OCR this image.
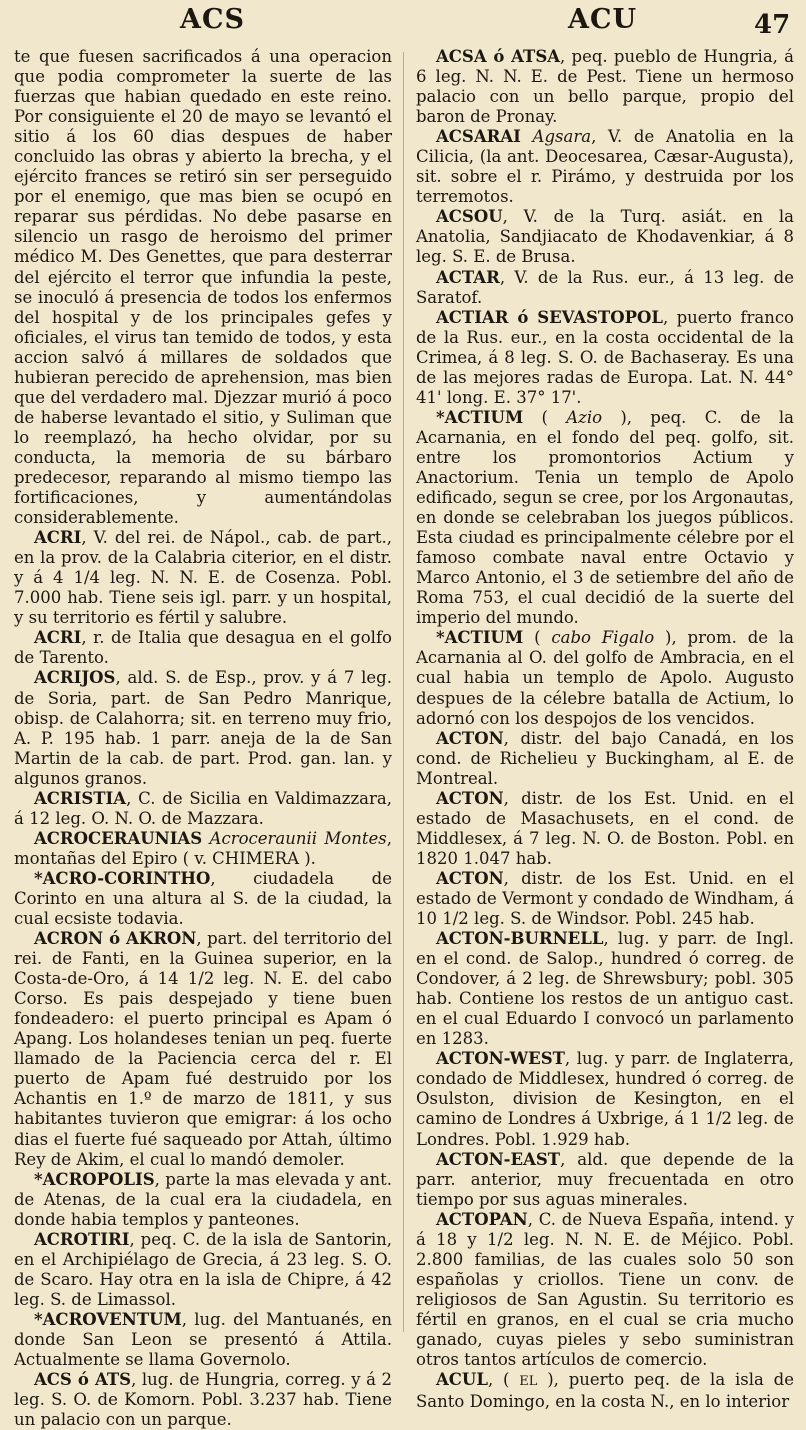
ACS	ACU	47

te que fuesen sacrificados á una operacion que podia comprometer la suerte de las fuerzas que habian quedado en este reino. Por consiguiente el 20 de mayo se levantó el sitio á los 60 dias despues de haber concluido las obras y abierto la brecha, y el ejército frances se retiró sin ser perseguido por el enemigo, que mas bien se ocupó en reparar sus pérdidas. No debe pasarse en silencio un rasgo de heroismo del primer médico M. Des Genettes, que para desterrar del ejército el terror que infundia la peste, se inoculó á presencia de todos los enfermos del hospital y de los principales gefes y oficiales, el virus tan temido de todos, y esta accion salvó á millares de soldados que hubieran perecido de aprehension, mas bien que del verdadero mal. Djezzar murió á poco de haberse levantado el sitio, y Suliman que lo reemplazó, ha hecho olvidar, por su conducta, la memoria de su bárbaro predecesor, reparando al mismo tiempo las fortificaciones, y aumentándolas considerablemente.

ACRI, V. del rei. de Nápol., cab. de part., en la prov. de la Calabria citerior, en el distr. y á 4 1/4 leg. N. N. E. de Cosenza. Pobl. 7.000 hab. Tiene seis igl. parr. y un hospital, y su territorio es fértil y salubre.

ACRI, r. de Italia que desagua en el golfo de Tarento.

ACRIJOS, ald. S. de Esp., prov. y á 7 leg. de Soria, part. de San Pedro Manrique, obisp. de Calahorra; sit. en terreno muy frio, A. P. 195 hab. 1 parr. aneja de la de San Martin de la cab. de part. Prod. gan. lan. y algunos granos.

ACRISTIA, C. de Sicilia en Valdimazzara, á 12 leg. O. N. O. de Mazzara.

ACROCERAUNIAS Acroceraunii Montes, montañas del Epiro ( v. CHIMERA ).

*ACRO-CORINTHO, ciudadela de Corinto en una altura al S. de la ciudad, la cual ecsiste todavia.

ACRON ó AKRON, part. del territorio del rei. de Fanti, en la Guinea superior, en la Costa-de-Oro, á 14 1/2 leg. N. E. del cabo Corso. Es pais despejado y tiene buen fondeadero: el puerto principal es Apam ó Apang. Los holandeses tenian un peq. fuerte llamado de la Paciencia cerca del r. El puerto de Apam fué destruido por los Achantis en 1.º de marzo de 1811, y sus habitantes tuvieron que emigrar: á los ocho dias el fuerte fué saqueado por Attah, último Rey de Akim, el cual lo mandó demoler.

*ACROPOLIS, parte la mas elevada y ant. de Atenas, de la cual era la ciudadela, en donde habia templos y panteones.

ACROTIRI, peq. C. de la isla de Santorin, en el Archipiélago de Grecia, á 23 leg. S. O. de Scaro. Hay otra en la isla de Chipre, á 42 leg. S. de Limassol.

*ACROVENTUM, lug. del Mantuanés, en donde San Leon se presentó á Attila. Actualmente se llama Governolo.

ACS ó ATS, lug. de Hungria, correg. y á 2 leg. S. O. de Komorn. Pobl. 3.237 hab. Tiene un palacio con un parque.

ACSA ó ATSA, peq. pueblo de Hungria, á 6 leg. N. N. E. de Pest. Tiene un hermoso palacio con un bello parque, propio del baron de Pronay.

ACSARAI Agsara, V. de Anatolia en la Cilicia, (la ant. Deocesarea, Cæsar-Augusta), sit. sobre el r. Pirámo, y destruida por los terremotos.

ACSOU, V. de la Turq. asiát. en la Anatolia, Sandjiacato de Khodavenkiar, á 8 leg. S. E. de Brusa.

ACTAR, V. de la Rus. eur., á 13 leg. de Saratof.

ACTIAR ó SEVASTOPOL, puerto franco de la Rus. eur., en la costa occidental de la Crimea, á 8 leg. S. O. de Bachaseray. Es una de las mejores radas de Europa. Lat. N. 44° 41' long. E. 37° 17'.

*ACTIUM ( Azio ), peq. C. de la Acarnania, en el fondo del peq. golfo, sit. entre los promontorios Actium y Anactorium. Tenia un templo de Apolo edificado, segun se cree, por los Argonautas, en donde se celebraban los juegos públicos. Esta ciudad es principalmente célebre por el famoso combate naval entre Octavio y Marco Antonio, el 3 de setiembre del año de Roma 753, el cual decidió de la suerte del imperio del mundo.

*ACTIUM ( cabo Figalo ), prom. de la Acarnania al O. del golfo de Ambracia, en el cual habia un templo de Apolo. Augusto despues de la célebre batalla de Actium, lo adornó con los despojos de los vencidos.

ACTON, distr. del bajo Canadá, en los cond. de Richelieu y Buckingham, al E. de Montreal.

ACTON, distr. de los Est. Unid. en el estado de Masachusets, en el cond. de Middlesex, á 7 leg. N. O. de Boston. Pobl. en 1820 1.047 hab.

ACTON, distr. de los Est. Unid. en el estado de Vermont y condado de Windham, á 10 1/2 leg. S. de Windsor. Pobl. 245 hab.

ACTON-BURNELL, lug. y parr. de Ingl. en el cond. de Salop., hundred ó correg. de Condover, á 2 leg. de Shrewsbury; pobl. 305 hab. Contiene los restos de un antiguo cast. en el cual Eduardo I convocó un parlamento en 1283.

ACTON-WEST, lug. y parr. de Inglaterra, condado de Middlesex, hundred ó correg. de Osulston, division de Kesington, en el camino de Londres á Uxbrige, á 1 1/2 leg. de Londres. Pobl. 1.929 hab.

ACTON-EAST, ald. que depende de la parr. anterior, muy frecuentada en otro tiempo por sus aguas minerales.

ACTOPAN, C. de Nueva España, intend. y á 18 y 1/2 leg. N. N. E. de Méjico. Pobl. 2.800 familias, de las cuales solo 50 son españolas y criollos. Tiene un conv. de religiosos de San Agustin. Su territorio es fértil en granos, en el cual se cria mucho ganado, cuyas pieles y sebo suministran otros tantos artículos de comercio.

ACUL, ( EL ), puerto peq. de la isla de Santo Domingo, en la costa N., en lo interior
